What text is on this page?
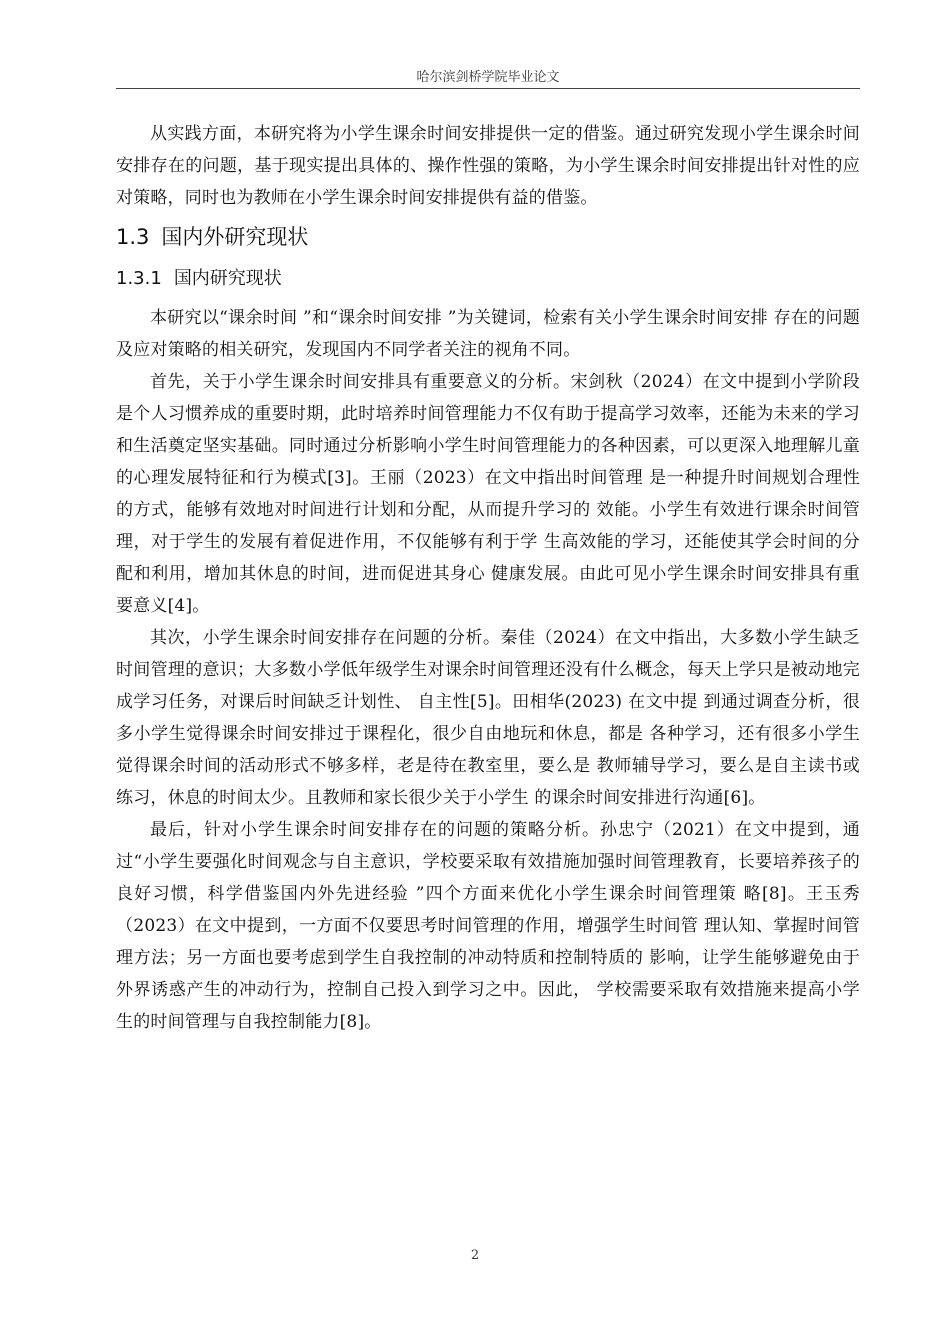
哈尔滨剑桥学院毕业论文

从实践方面，本研究将为小学生课余时间安排提供一定的借鉴。通过研究发现小学生课余时间安排存在的问题，基于现实提出具体的、操作性强的策略，为小学生课余时间安排提出针对性的应对策略，同时也为教师在小学生课余时间安排提供有益的借鉴。

1.3 国内外研究现状
1.3.1 国内研究现状

本研究以“课余时间 ”和“课余时间安排 ”为关键词，检索有关小学生课余时间安排 存在的问题及应对策略的相关研究，发现国内不同学者关注的视角不同。

首先，关于小学生课余时间安排具有重要意义的分析。宋剑秋（2024）在文中提到小学阶段是个人习惯养成的重要时期，此时培养时间管理能力不仅有助于提高学习效率，还能为未来的学习和生活奠定坚实基础。同时通过分析影响小学生时间管理能力的各种因素，可以更深入地理解儿童的心理发展特征和行为模式[3]。王丽（2023）在文中指出时间管理 是一种提升时间规划合理性的方式，能够有效地对时间进行计划和分配，从而提升学习的 效能。小学生有效进行课余时间管理，对于学生的发展有着促进作用，不仅能够有利于学 生高效能的学习，还能使其学会时间的分配和利用，增加其休息的时间，进而促进其身心 健康发展。由此可见小学生课余时间安排具有重要意义[4]。

其次，小学生课余时间安排存在问题的分析。秦佳（2024）在文中指出，大多数小学生缺乏时间管理的意识；大多数小学低年级学生对课余时间管理还没有什么概念，每天上学只是被动地完成学习任务，对课后时间缺乏计划性、 自主性[5]。田相华(2023) 在文中提 到通过调查分析，很多小学生觉得课余时间安排过于课程化，很少自由地玩和休息，都是 各种学习，还有很多小学生觉得课余时间的活动形式不够多样，老是待在教室里，要么是 教师辅导学习，要么是自主读书或练习，休息的时间太少。且教师和家长很少关于小学生 的课余时间安排进行沟通[6]。

最后，针对小学生课余时间安排存在的问题的策略分析。孙忠宁（2021）在文中提到，通过“小学生要强化时间观念与自主意识，学校要采取有效措施加强时间管理教育，长要培养孩子的良好习惯，科学借鉴国内外先进经验 ”四个方面来优化小学生课余时间管理策 略[8]。王玉秀（2023）在文中提到，一方面不仅要思考时间管理的作用，增强学生时间管 理认知、掌握时间管理方法；另一方面也要考虑到学生自我控制的冲动特质和控制特质的 影响，让学生能够避免由于外界诱惑产生的冲动行为，控制自己投入到学习之中。因此， 学校需要采取有效措施来提高小学生的时间管理与自我控制能力[8]。

2
